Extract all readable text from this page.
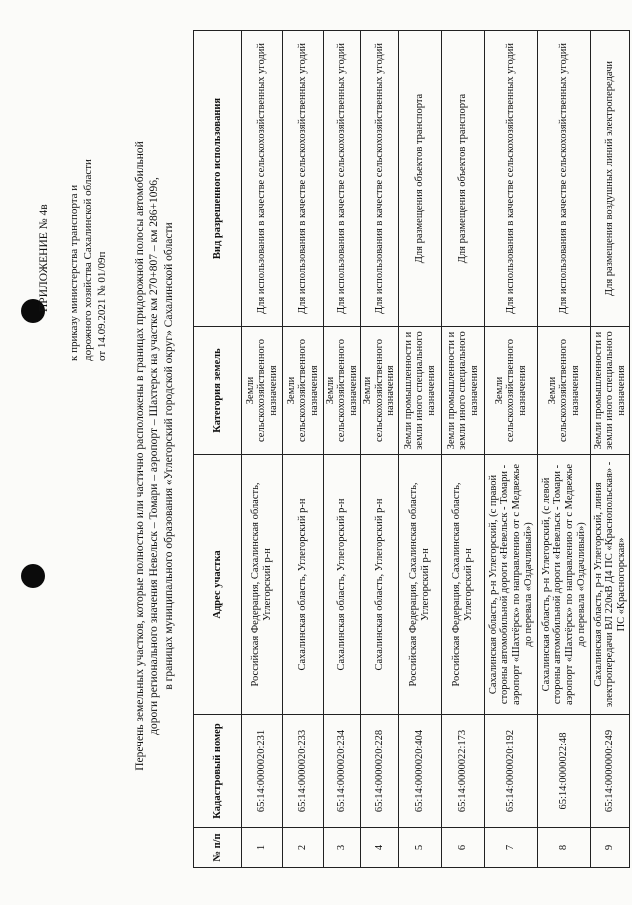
ПРИЛОЖЕНИЕ № 4в к приказу министерства транспорта и дорожного хозяйства Сахалинской области от 14.09.2021 № 01/09п Перечень земельных участков, которые полностью или частично расположены в границах придорожной полосы автомобильной дороги регионального значения Невельск – Томари – аэропорт – Шахтерск на участке км 270+807 – км 286+1096, в границах муниципального образования «Углегорский городской округ» Сахалинской области
№ п/п	Кадастровый номер	Адрес участка	Категория земель	Вид разрешенного использования
1	65:14:0000020:231	Российская Федерация, Сахалинская область, Углегорский р-н	Земли сельскохозяйственного назначения	Для использования в качестве сельскохозяйственных угодий
2	65:14:0000020:233	Сахалинская область, Углегорский р-н	Земли сельскохозяйственного назначения	Для использования в качестве сельскохозяйственных угодий
3	65:14:0000020:234	Сахалинская область, Углегорский р-н	Земли сельскохозяйственного назначения	Для использования в качестве сельскохозяйственных угодий
4	65:14:0000020:228	Сахалинская область, Углегорский р-н	Земли сельскохозяйственного назначения	Для использования в качестве сельскохозяйственных угодий
5	65:14:0000020:404	Российская Федерация, Сахалинская область, Углегорский р-н	Земли промышленности и земли иного специального назначения	Для размещения объектов транспорта
6	65:14:0000022:173	Российская Федерация, Сахалинская область, Углегорский р-н	Земли промышленности и земли иного специального назначения	Для размещения объектов транспорта
7	65:14:0000020:192	Сахалинская область, р-н Углегорский, (с правой стороны автомобильной дороги «Невельск - Томари - аэропорт «Шахтёрск» по направлению от с Медвежье до перевала «Оздачливый»)	Земли сельскохозяйственного назначения	Для использования в качестве сельскохозяйственных угодий
8	65:14:0000022:48	Сахалинская область, р-н Углегорский, (с левой стороны автомобильной дороги «Невельск - Томари - аэропорт «Шахтёрск» по направлению от с Медвежье до перевала «Оздачливый»)	Земли сельскохозяйственного назначения	Для использования в качестве сельскохозяйственных угодий
9	65:14:0000000:249	Сахалинская область, р-н Углегорский, линия электропередачи ВЛ 220кВ Д4 ПС «Краснопольская» - ПС «Красногорская»	Земли промышленности и земли иного специального назначения	Для размещения воздушных линий электропередачи
